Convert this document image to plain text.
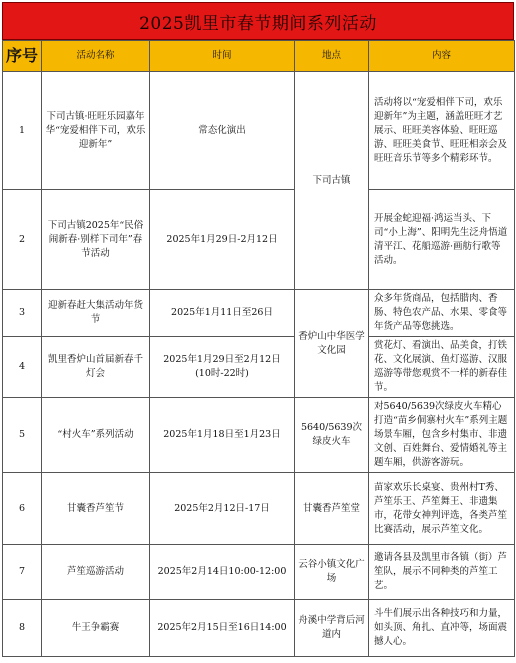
2025凯里市春节期间系列活动
序号	活动名称	时间	地点	内容
1	下司古镇·旺旺乐园嘉年华“宠爱相伴下司，欢乐迎新年”	常态化演出	下司古镇	活动将以“宠爱相伴下司，欢乐迎新年”为主题，涵盖旺旺才艺展示、旺旺美容体验、旺旺巡游、旺旺美食节、旺旺相亲会及旺旺音乐节等多个精彩环节。
2	下司古镇2025年“民俗闹新春·别样下司年”春节活动	2025年1月29日-2月12日		开展金蛇迎福·鸿运当头、下司“小上海”、阳明先生泛舟悟道清平江、花船巡游·画舫行歌等活动。
3	迎新春赶大集活动年货节	2025年1月11日至26日	香炉山中华医学文化园	众多年货商品，包括腊肉、香肠、特色农产品、水果、零食等年货产品等您挑选。
4	凯里香炉山首届新春千灯会	2025年1月29日至2月12日
(10时-22时)		赏花灯、看演出、品美食，打铁花、文化展演、鱼灯巡游、汉服巡游等带您观赏不一样的新春佳节。
5	“村火车”系列活动	2025年1月18日至1月23日	5640/5639次绿皮火车	对5640/5639次绿皮火车精心打造“苗乡侗寨村火车”系列主题场景车厢，包含乡村集市、非遗文创、百姓舞台、爱情婚礼等主题车厢，供游客游玩。
6	甘囊香芦笙节	2025年2月12日-17日	甘囊香芦笙堂	苗家欢乐长桌宴、贵州村T秀、芦笙乐王、芦笙舞王、非遗集市，花带女神判评选，各类芦笙比赛活动，展示芦笙文化。
7	芦笙巡游活动	2025年2月14日10:00-12:00	云谷小镇文化广场	邀请各县及凯里市各镇（街）芦笙队，展示不同种类的芦笙工艺。
8	牛王争霸赛	2025年2月15日至16日14:00	舟溪中学背后河道内	斗牛们展示出各种技巧和力量，如头顶、角扎、直冲等，场面震撼人心。
